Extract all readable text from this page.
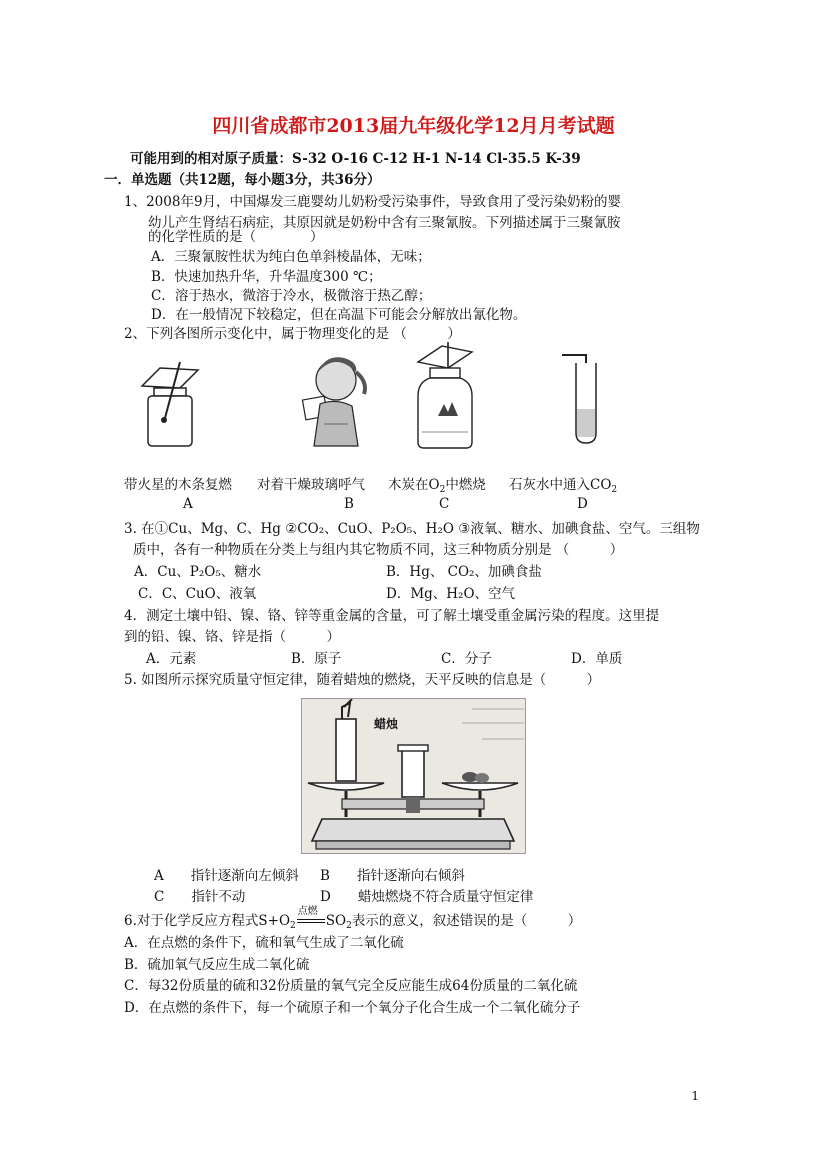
四川省成都市2013届九年级化学12月月考试题
可能用到的相对原子质量：S-32 O-16 C-12 H-1 N-14 Cl-35.5 K-39
一．单选题（共12题，每小题3分，共36分）
1、2008年9月，中国爆发三鹿婴幼儿奶粉受污染事件，导致食用了受污染奶粉的婴
幼儿产生肾结石病症，其原因就是奶粉中含有三聚氰胺。下列描述属于三聚氰胺
的化学性质的是（　　　　）
A．三聚氰胺性状为纯白色单斜棱晶体，无味；
B．快速加热升华，升华温度300 ℃；
C．溶于热水，微溶于冷水，极微溶于热乙醇；
D．在一般情况下较稳定，但在高温下可能会分解放出氰化物。
2、下列各图所示变化中，属于物理变化的是 （　　　）
带火星的木条复燃 对着干燥玻璃呼气 木炭在$O_2$中燃烧 石灰水中通入$CO_2$
A	B	C	D
3. 在①Cu、Mg、C、Hg ②CO₂、CuO、P₂O₅、H₂O ③液氧、糖水、加碘食盐、空气。三组物
质中，各有一种物质在分类上与组内其它物质不同，这三种物质分别是 （　　　）
A．Cu、P₂O₅、糖水	B．Hg、 CO₂、加碘食盐
C．C、CuO、液氧	D．Mg、H₂O、空气
4．测定土壤中铅、镍、铬、锌等重金属的含量，可了解土壤受重金属污染的程度。这里提
到的铅、镍、铬、锌是指（　　　）
A．元素	B．原子	C．分子	D．单质
5. 如图所示探究质量守恒定律，随着蜡烛的燃烧，天平反映的信息是（　　　）
蜡烛
A　　指针逐渐向左倾斜 B　　指针逐渐向右倾斜
C　　指针不动	D　　蜡烛燃烧不符合质量守恒定律
6.对于化学反应方程式$S+O_2$
点燃
$SO_2$表示的意义，叙述错误的是（　　　）
A．在点燃的条件下，硫和氧气生成了二氧化硫
B．硫加氧气反应生成二氧化硫
C．每32份质量的硫和32份质量的氧气完全反应能生成64份质量的二氧化硫
D．在点燃的条件下，每一个硫原子和一个氧分子化合生成一个二氧化硫分子
1
